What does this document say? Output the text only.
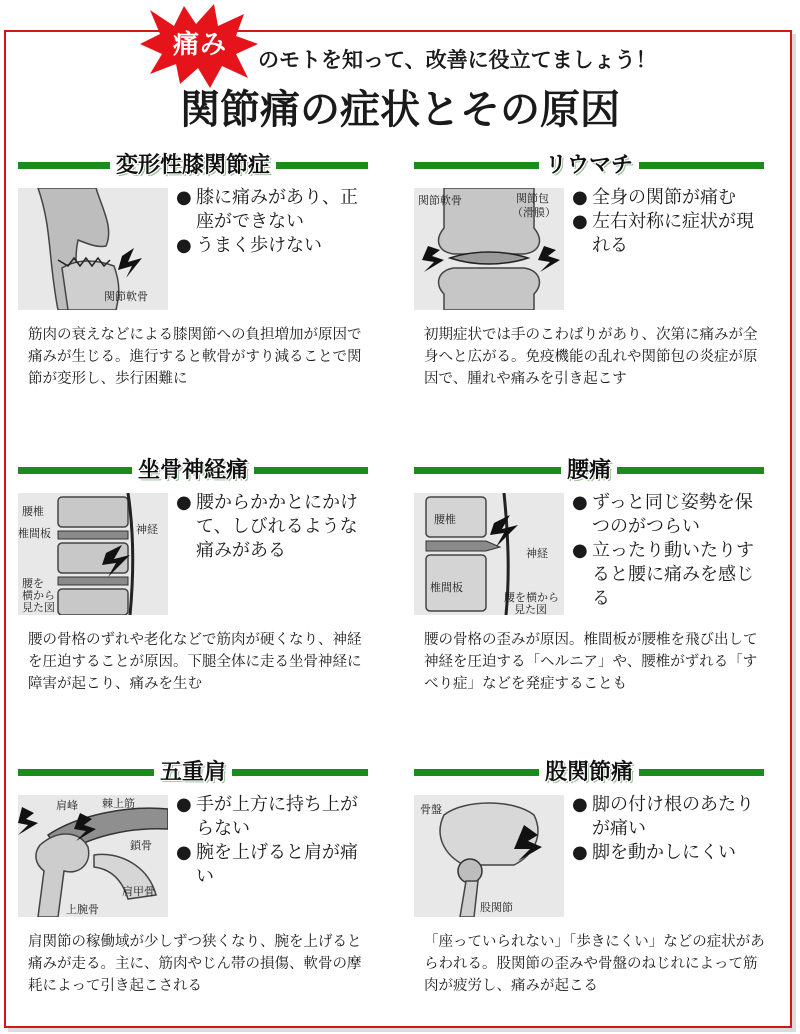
痛み	のモトを知って、改善に役立てましょう！
関節痛の症状とその原因
変形性膝関節症
関節軟骨
● 膝に痛みがあり、正座ができない
● うまく歩けない
筋肉の衰えなどによる膝関節への負担増加が原因で痛みが生じる。進行すると軟骨がすり減ることで関節が変形し、歩行困難に
リウマチ
関節軟骨	関節包
（滑膜）
● 全身の関節が痛む
● 左右対称に症状が現れる
初期症状では手のこわばりがあり、次第に痛みが全身へと広がる。免疫機能の乱れや関節包の炎症が原因で、腫れや痛みを引き起こす
坐骨神経痛
腰椎
椎間板	神経
腰を
横から
見た図
● 腰からかかとにかけて、しびれるような痛みがある
腰の骨格のずれや老化などで筋肉が硬くなり、神経を圧迫することが原因。下腿全体に走る坐骨神経に障害が起こり、痛みを生む
腰痛
腰椎
神経
椎間板
腰を横から
見た図
● ずっと同じ姿勢を保つのがつらい
● 立ったり動いたりすると腰に痛みを感じる
腰の骨格の歪みが原因。椎間板が腰椎を飛び出して神経を圧迫する「ヘルニア」や、腰椎がずれる「すべり症」などを発症することも
五重肩
肩峰 棘上筋
鎖骨
肩甲骨
上腕骨
● 手が上方に持ち上がらない
● 腕を上げると肩が痛い
肩関節の稼働域が少しずつ狭くなり、腕を上げると痛みが走る。主に、筋肉やじん帯の損傷、軟骨の摩耗によって引き起こされる
股関節痛
骨盤
股関節
● 脚の付け根のあたりが痛い
● 脚を動かしにくい
「座っていられない」「歩きにくい」などの症状があらわれる。股関節の歪みや骨盤のねじれによって筋肉が疲労し、痛みが起こる
